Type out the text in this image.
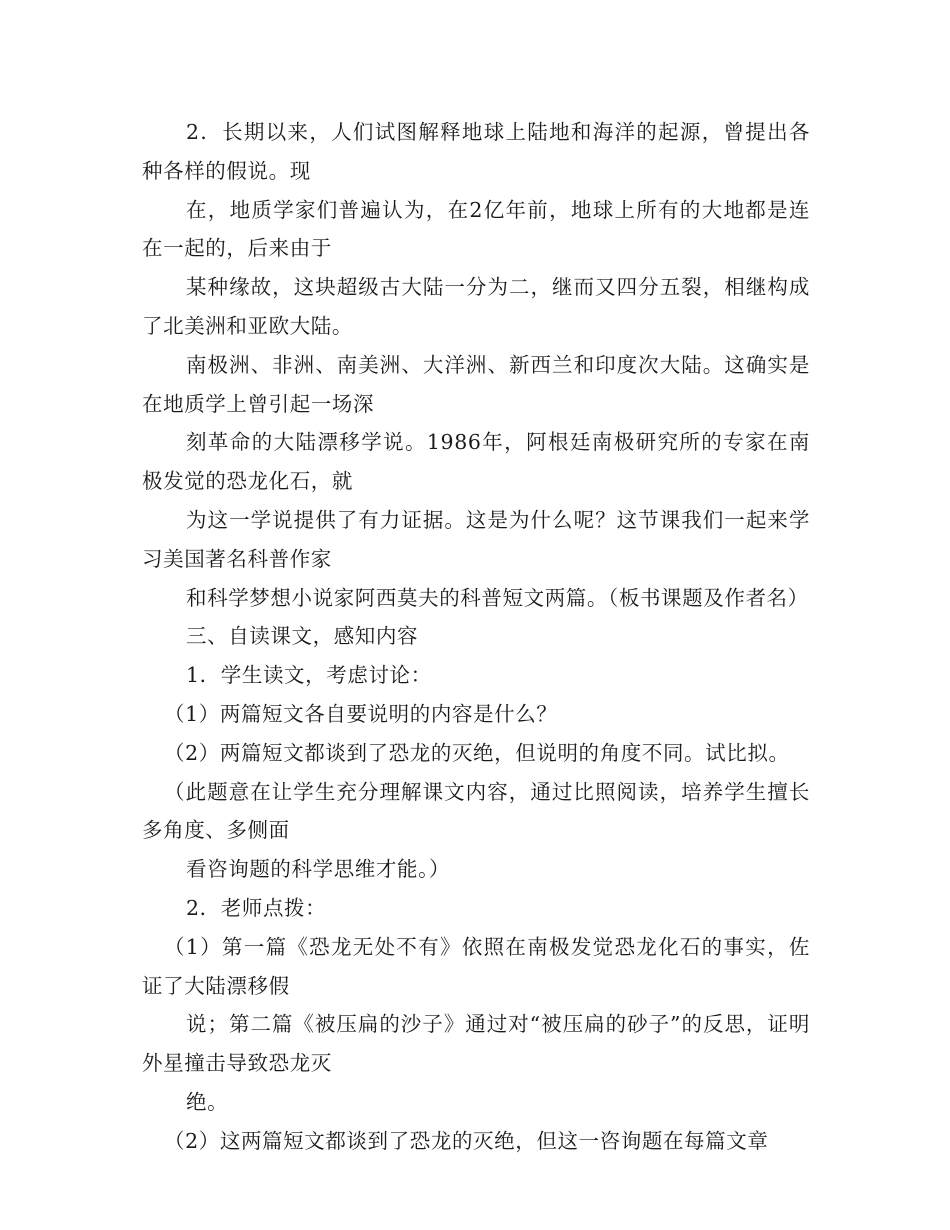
2．长期以来，人们试图解释地球上陆地和海洋的起源，曾提出各种各样的假说。现

在，地质学家们普遍认为，在2亿年前，地球上所有的大地都是连在一起的，后来由于

某种缘故，这块超级古大陆一分为二，继而又四分五裂，相继构成了北美洲和亚欧大陆。

南极洲、非洲、南美洲、大洋洲、新西兰和印度次大陆。这确实是在地质学上曾引起一场深

刻革命的大陆漂移学说。1986年，阿根廷南极研究所的专家在南极发觉的恐龙化石，就

为这一学说提供了有力证据。这是为什么呢？这节课我们一起来学习美国著名科普作家

和科学梦想小说家阿西莫夫的科普短文两篇。（板书课题及作者名）

三、自读课文，感知内容

1．学生读文，考虑讨论：

（1）两篇短文各自要说明的内容是什么？

（2）两篇短文都谈到了恐龙的灭绝，但说明的角度不同。试比拟。

（此题意在让学生充分理解课文内容，通过比照阅读，培养学生擅长多角度、多侧面

看咨询题的科学思维才能。）

2．老师点拨：

（1）第一篇《恐龙无处不有》依照在南极发觉恐龙化石的事实，佐证了大陆漂移假

说；第二篇《被压扁的沙子》通过对“被压扁的砂子”的反思，证明外星撞击导致恐龙灭

绝。

（2）这两篇短文都谈到了恐龙的灭绝，但这一咨询题在每篇文章
